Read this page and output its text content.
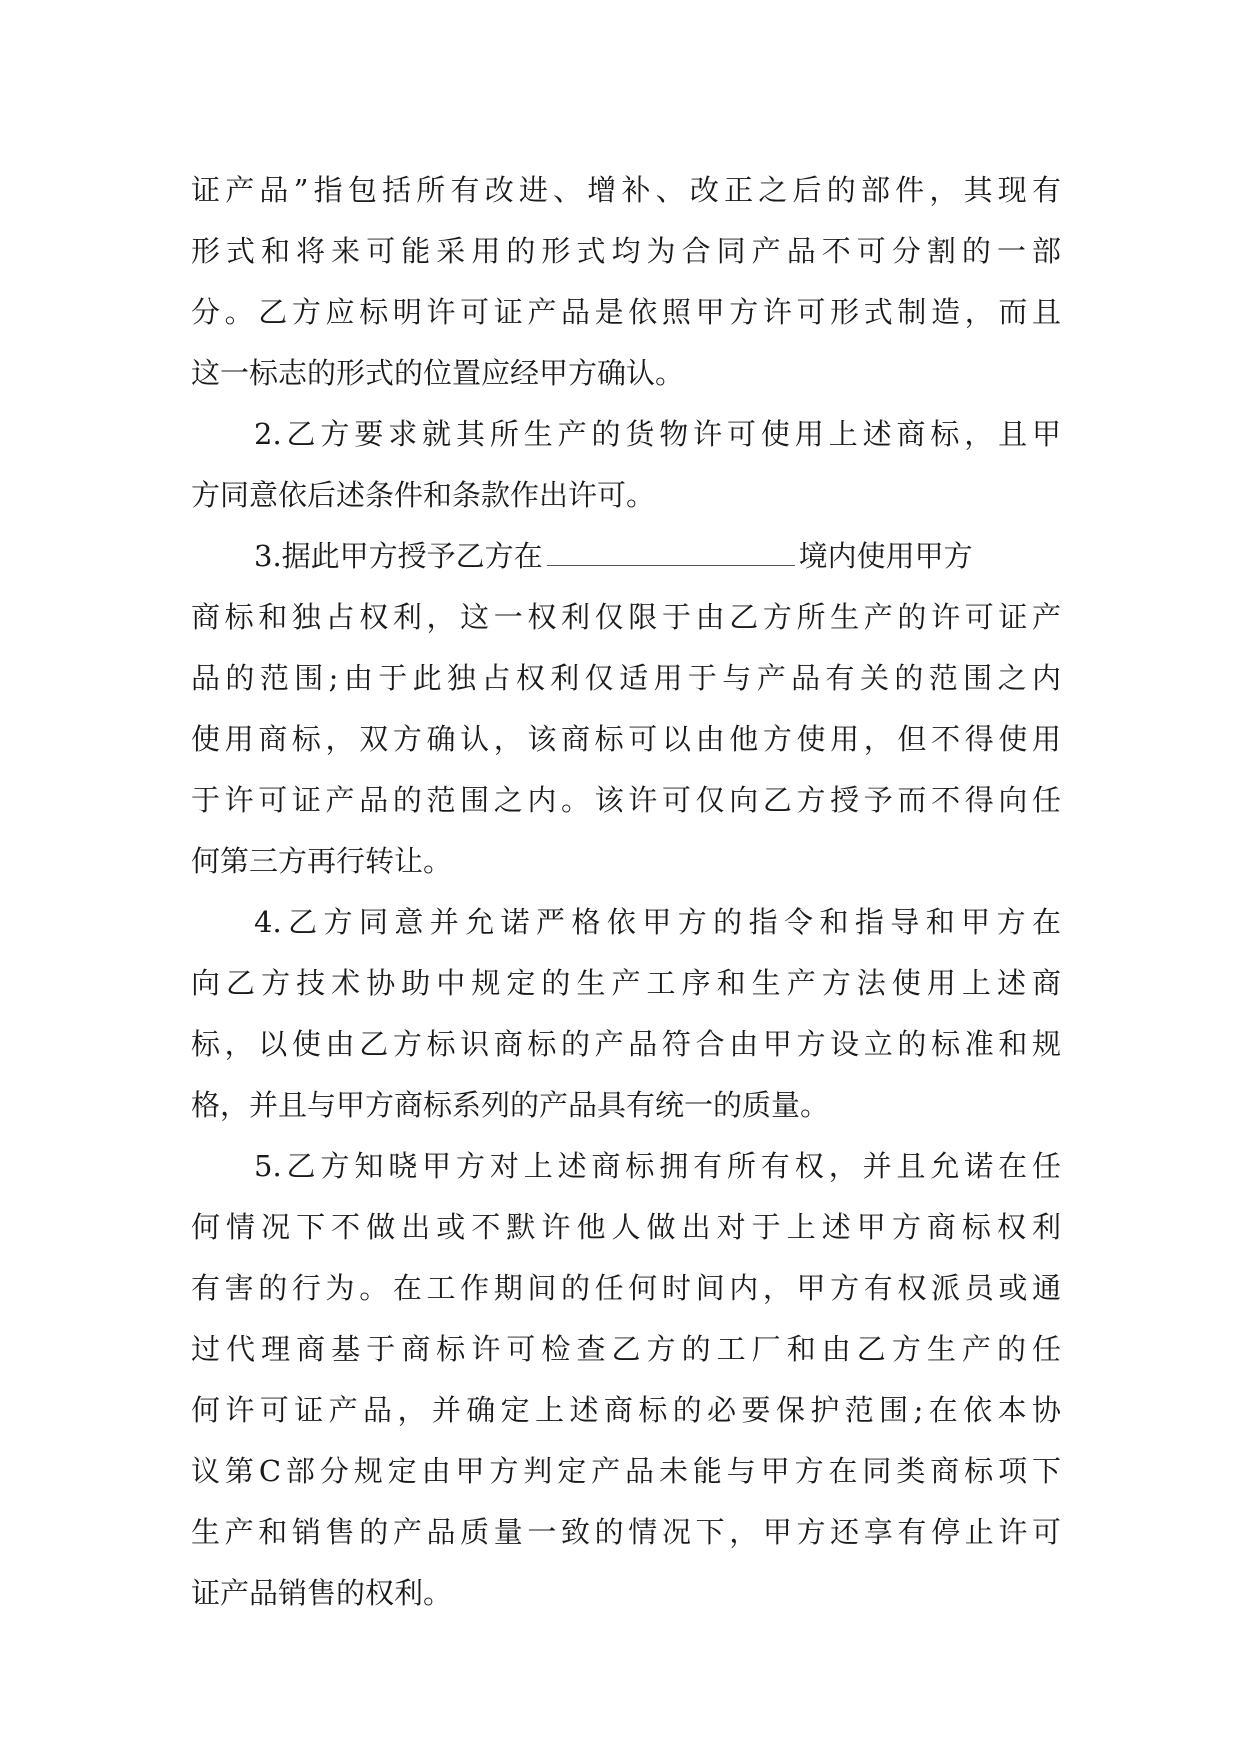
证产品”指包括所有改进、增补、改正之后的部件，其现有
形式和将来可能采用的形式均为合同产品不可分割的一部
分。乙方应标明许可证产品是依照甲方许可形式制造，而且
这一标志的形式的位置应经甲方确认。
2.乙方要求就其所生产的货物许可使用上述商标，且甲
方同意依后述条件和条款作出许可。
3.据此甲方授予乙方在	境内使用甲方
商标和独占权利，这一权利仅限于由乙方所生产的许可证产
品的范围;由于此独占权利仅适用于与产品有关的范围之内
使用商标，双方确认，该商标可以由他方使用，但不得使用
于许可证产品的范围之内。该许可仅向乙方授予而不得向任
何第三方再行转让。
4.乙方同意并允诺严格依甲方的指令和指导和甲方在
向乙方技术协助中规定的生产工序和生产方法使用上述商
标，以使由乙方标识商标的产品符合由甲方设立的标准和规
格，并且与甲方商标系列的产品具有统一的质量。
5.乙方知晓甲方对上述商标拥有所有权，并且允诺在任
何情况下不做出或不默许他人做出对于上述甲方商标权利
有害的行为。在工作期间的任何时间内，甲方有权派员或通
过代理商基于商标许可检查乙方的工厂和由乙方生产的任
何许可证产品，并确定上述商标的必要保护范围;在依本协
议第C部分规定由甲方判定产品未能与甲方在同类商标项下
生产和销售的产品质量一致的情况下，甲方还享有停止许可
证产品销售的权利。
